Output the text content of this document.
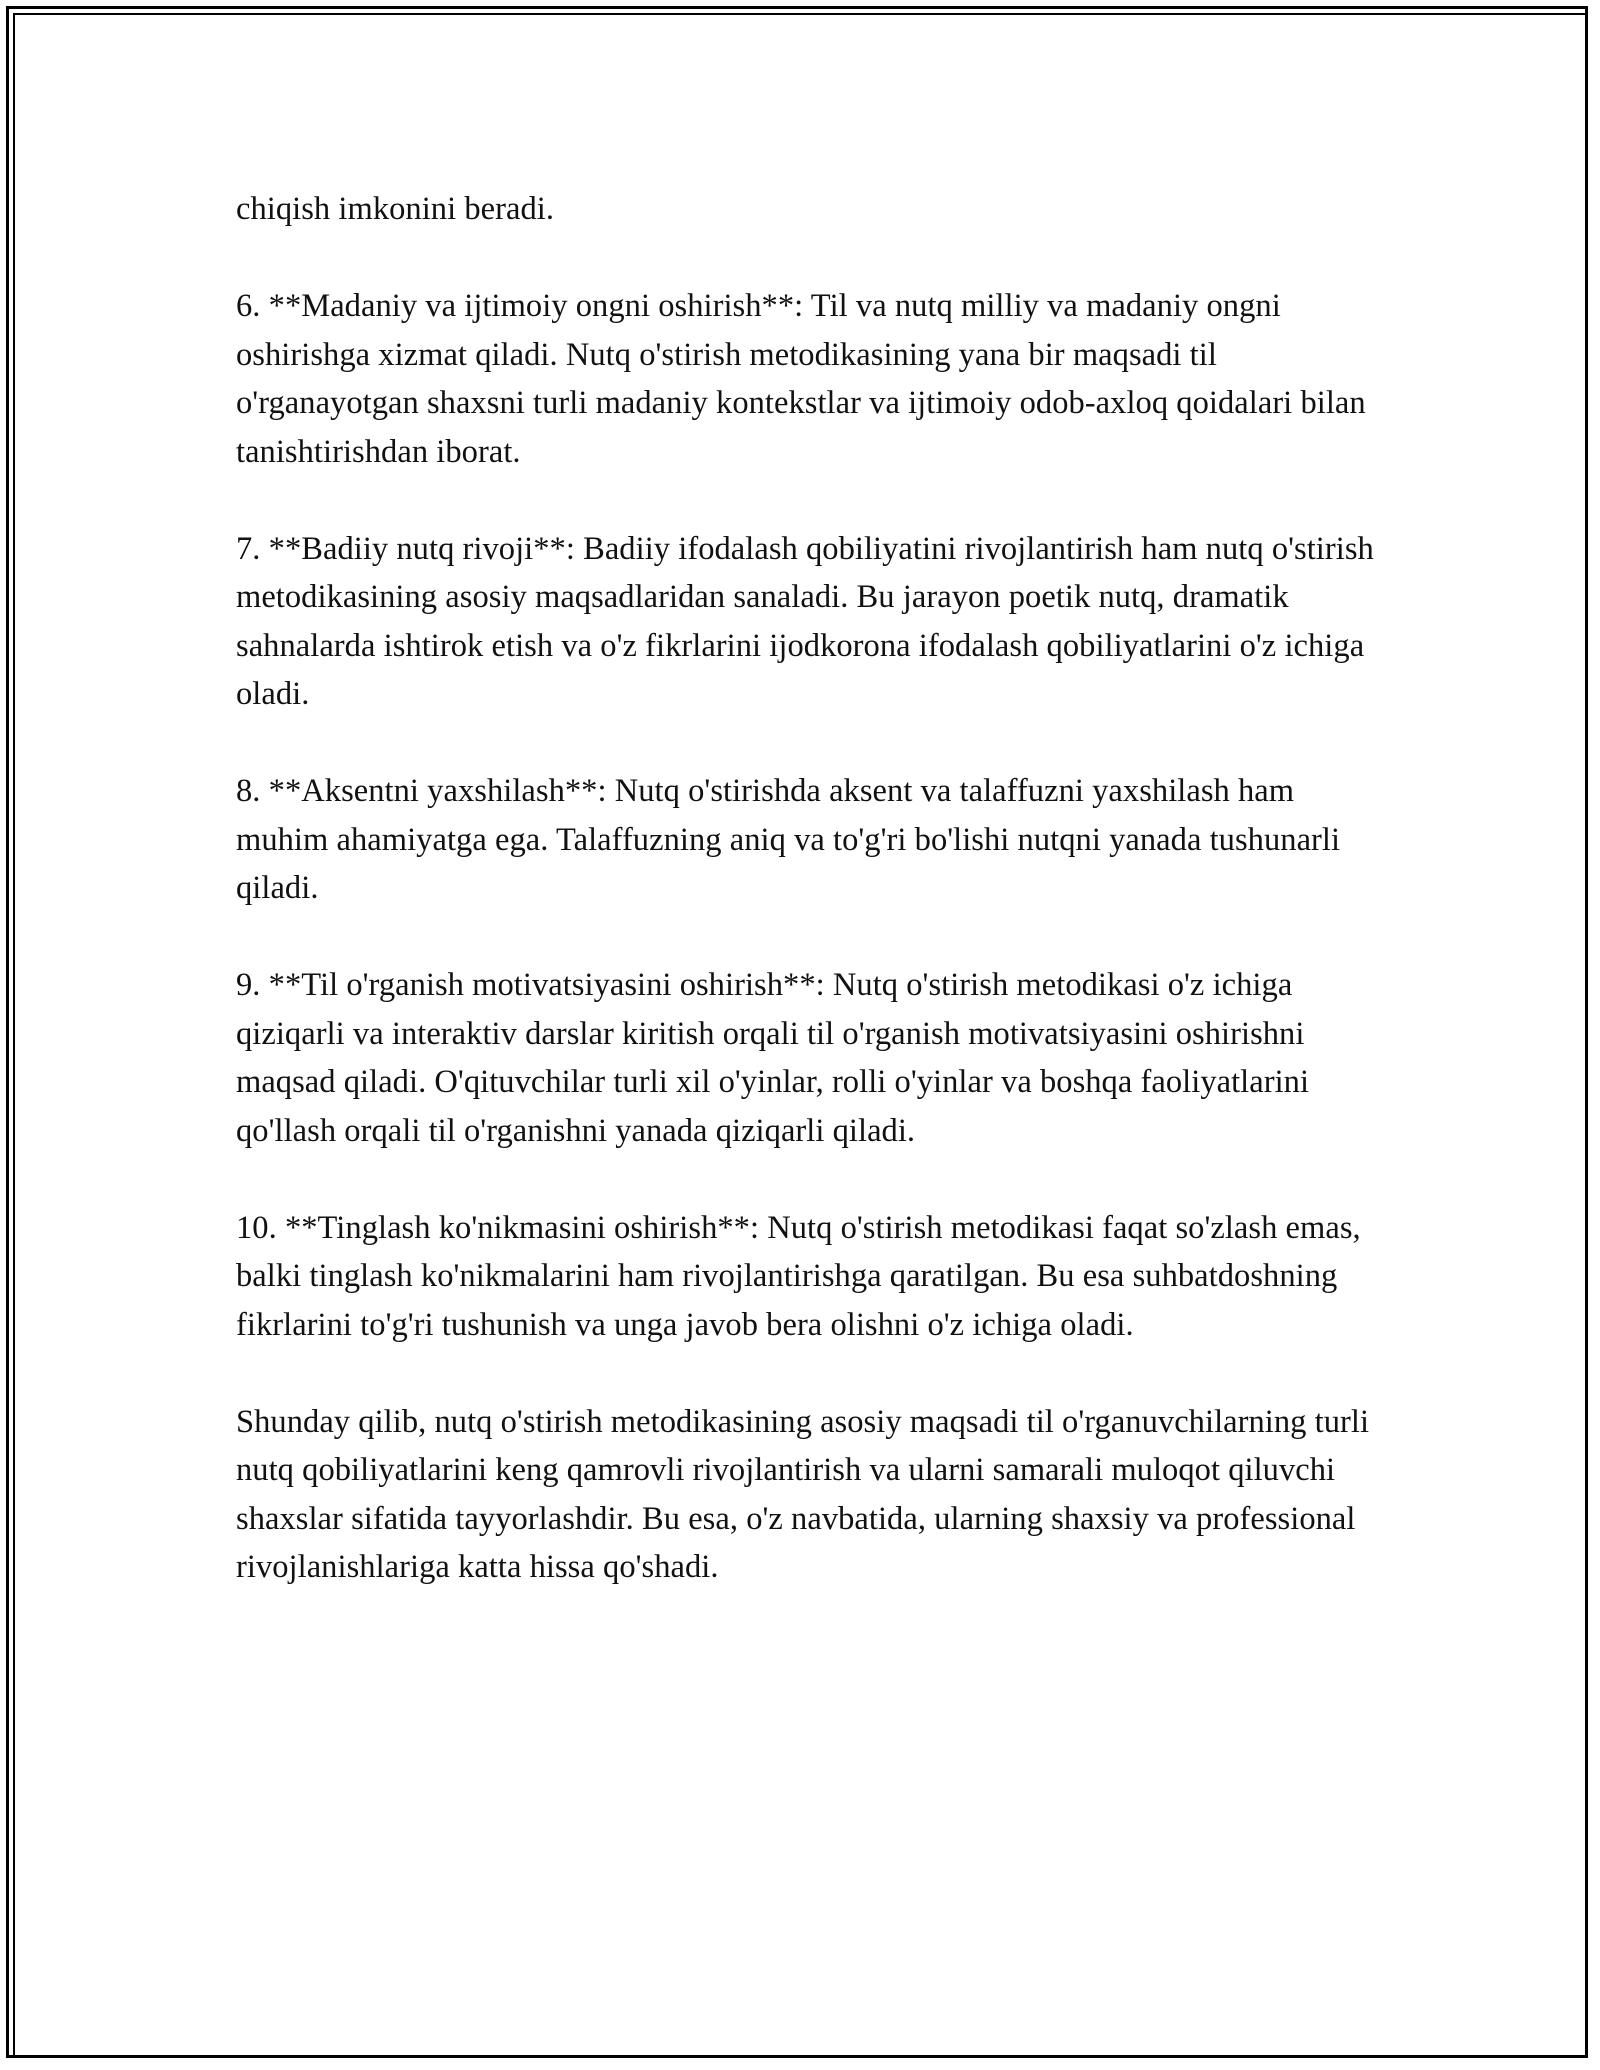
chiqish imkonini beradi.

6. **Madaniy va ijtimoiy ongni oshirish**: Til va nutq milliy va madaniy ongni oshirishga xizmat qiladi. Nutq o'stirish metodikasining yana bir maqsadi til o'rganayotgan shaxsni turli madaniy kontekstlar va ijtimoiy odob-axloq qoidalari bilan tanishtirishdan iborat.

7. **Badiiy nutq rivoji**: Badiiy ifodalash qobiliyatini rivojlantirish ham nutq o'stirish metodikasining asosiy maqsadlaridan sanaladi. Bu jarayon poetik nutq, dramatik sahnalarda ishtirok etish va o'z fikrlarini ijodkorona ifodalash qobiliyatlarini o'z ichiga oladi.

8. **Aksentni yaxshilash**: Nutq o'stirishda aksent va talaffuzni yaxshilash ham muhim ahamiyatga ega. Talaffuzning aniq va to'g'ri bo'lishi nutqni yanada tushunarli qiladi.

9. **Til o'rganish motivatsiyasini oshirish**: Nutq o'stirish metodikasi o'z ichiga qiziqarli va interaktiv darslar kiritish orqali til o'rganish motivatsiyasini oshirishni maqsad qiladi. O'qituvchilar turli xil o'yinlar, rolli o'yinlar va boshqa faoliyatlarini qo'llash orqali til o'rganishni yanada qiziqarli qiladi.

10. **Tinglash ko'nikmasini oshirish**: Nutq o'stirish metodikasi faqat so'zlash emas, balki tinglash ko'nikmalarini ham rivojlantirishga qaratilgan. Bu esa suhbatdoshning fikrlarini to'g'ri tushunish va unga javob bera olishni o'z ichiga oladi.

Shunday qilib, nutq o'stirish metodikasining asosiy maqsadi til o'rganuvchilarning turli nutq qobiliyatlarini keng qamrovli rivojlantirish va ularni samarali muloqot qiluvchi shaxslar sifatida tayyorlashdir. Bu esa, o'z navbatida, ularning shaxsiy va professional rivojlanishlariga katta hissa qo'shadi.
